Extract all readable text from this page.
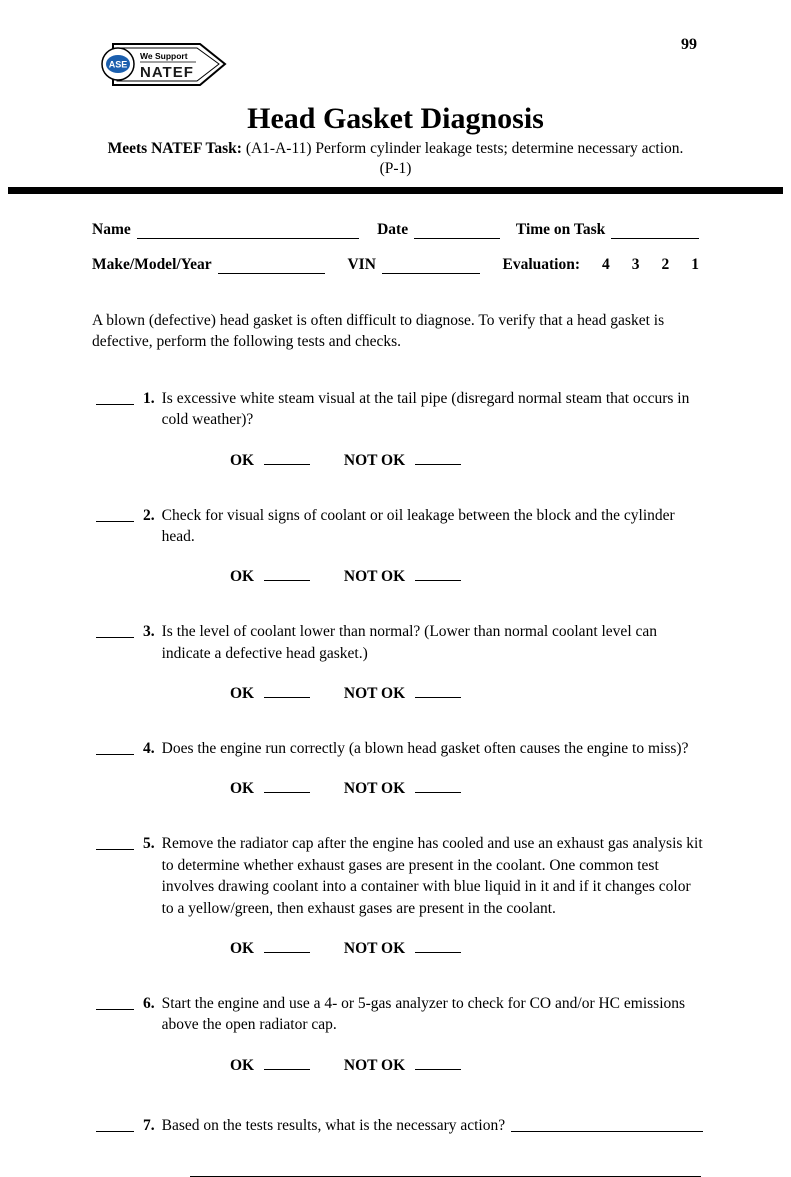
ASE
We Support
NATEF
99
Head Gasket Diagnosis
Meets NATEF Task: (A1-A-11) Perform cylinder leakage tests; determine necessary action.
(P-1)
Name	Date	Time on Task
Make/Model/Year	VIN	Evaluation: 4 3 2 1
A blown (defective) head gasket is often difficult to diagnose. To verify that a head gasket is defective, perform the following tests and checks.
1. Is excessive white steam visual at the tail pipe (disregard normal steam that occurs in cold weather)?
OK	NOT OK
2. Check for visual signs of coolant or oil leakage between the block and the cylinder head.
OK	NOT OK
3. Is the level of coolant lower than normal? (Lower than normal coolant level can indicate a defective head gasket.)
OK	NOT OK
4. Does the engine run correctly (a blown head gasket often causes the engine to miss)?
OK	NOT OK
5. Remove the radiator cap after the engine has cooled and use an exhaust gas analysis kit to determine whether exhaust gases are present in the coolant. One common test involves drawing coolant into a container with blue liquid in it and if it changes color to a yellow/green, then exhaust gases are present in the coolant.
OK	NOT OK
6. Start the engine and use a 4- or 5-gas analyzer to check for CO and/or HC emissions above the open radiator cap.
OK	NOT OK
7. Based on the tests results, what is the necessary action?
